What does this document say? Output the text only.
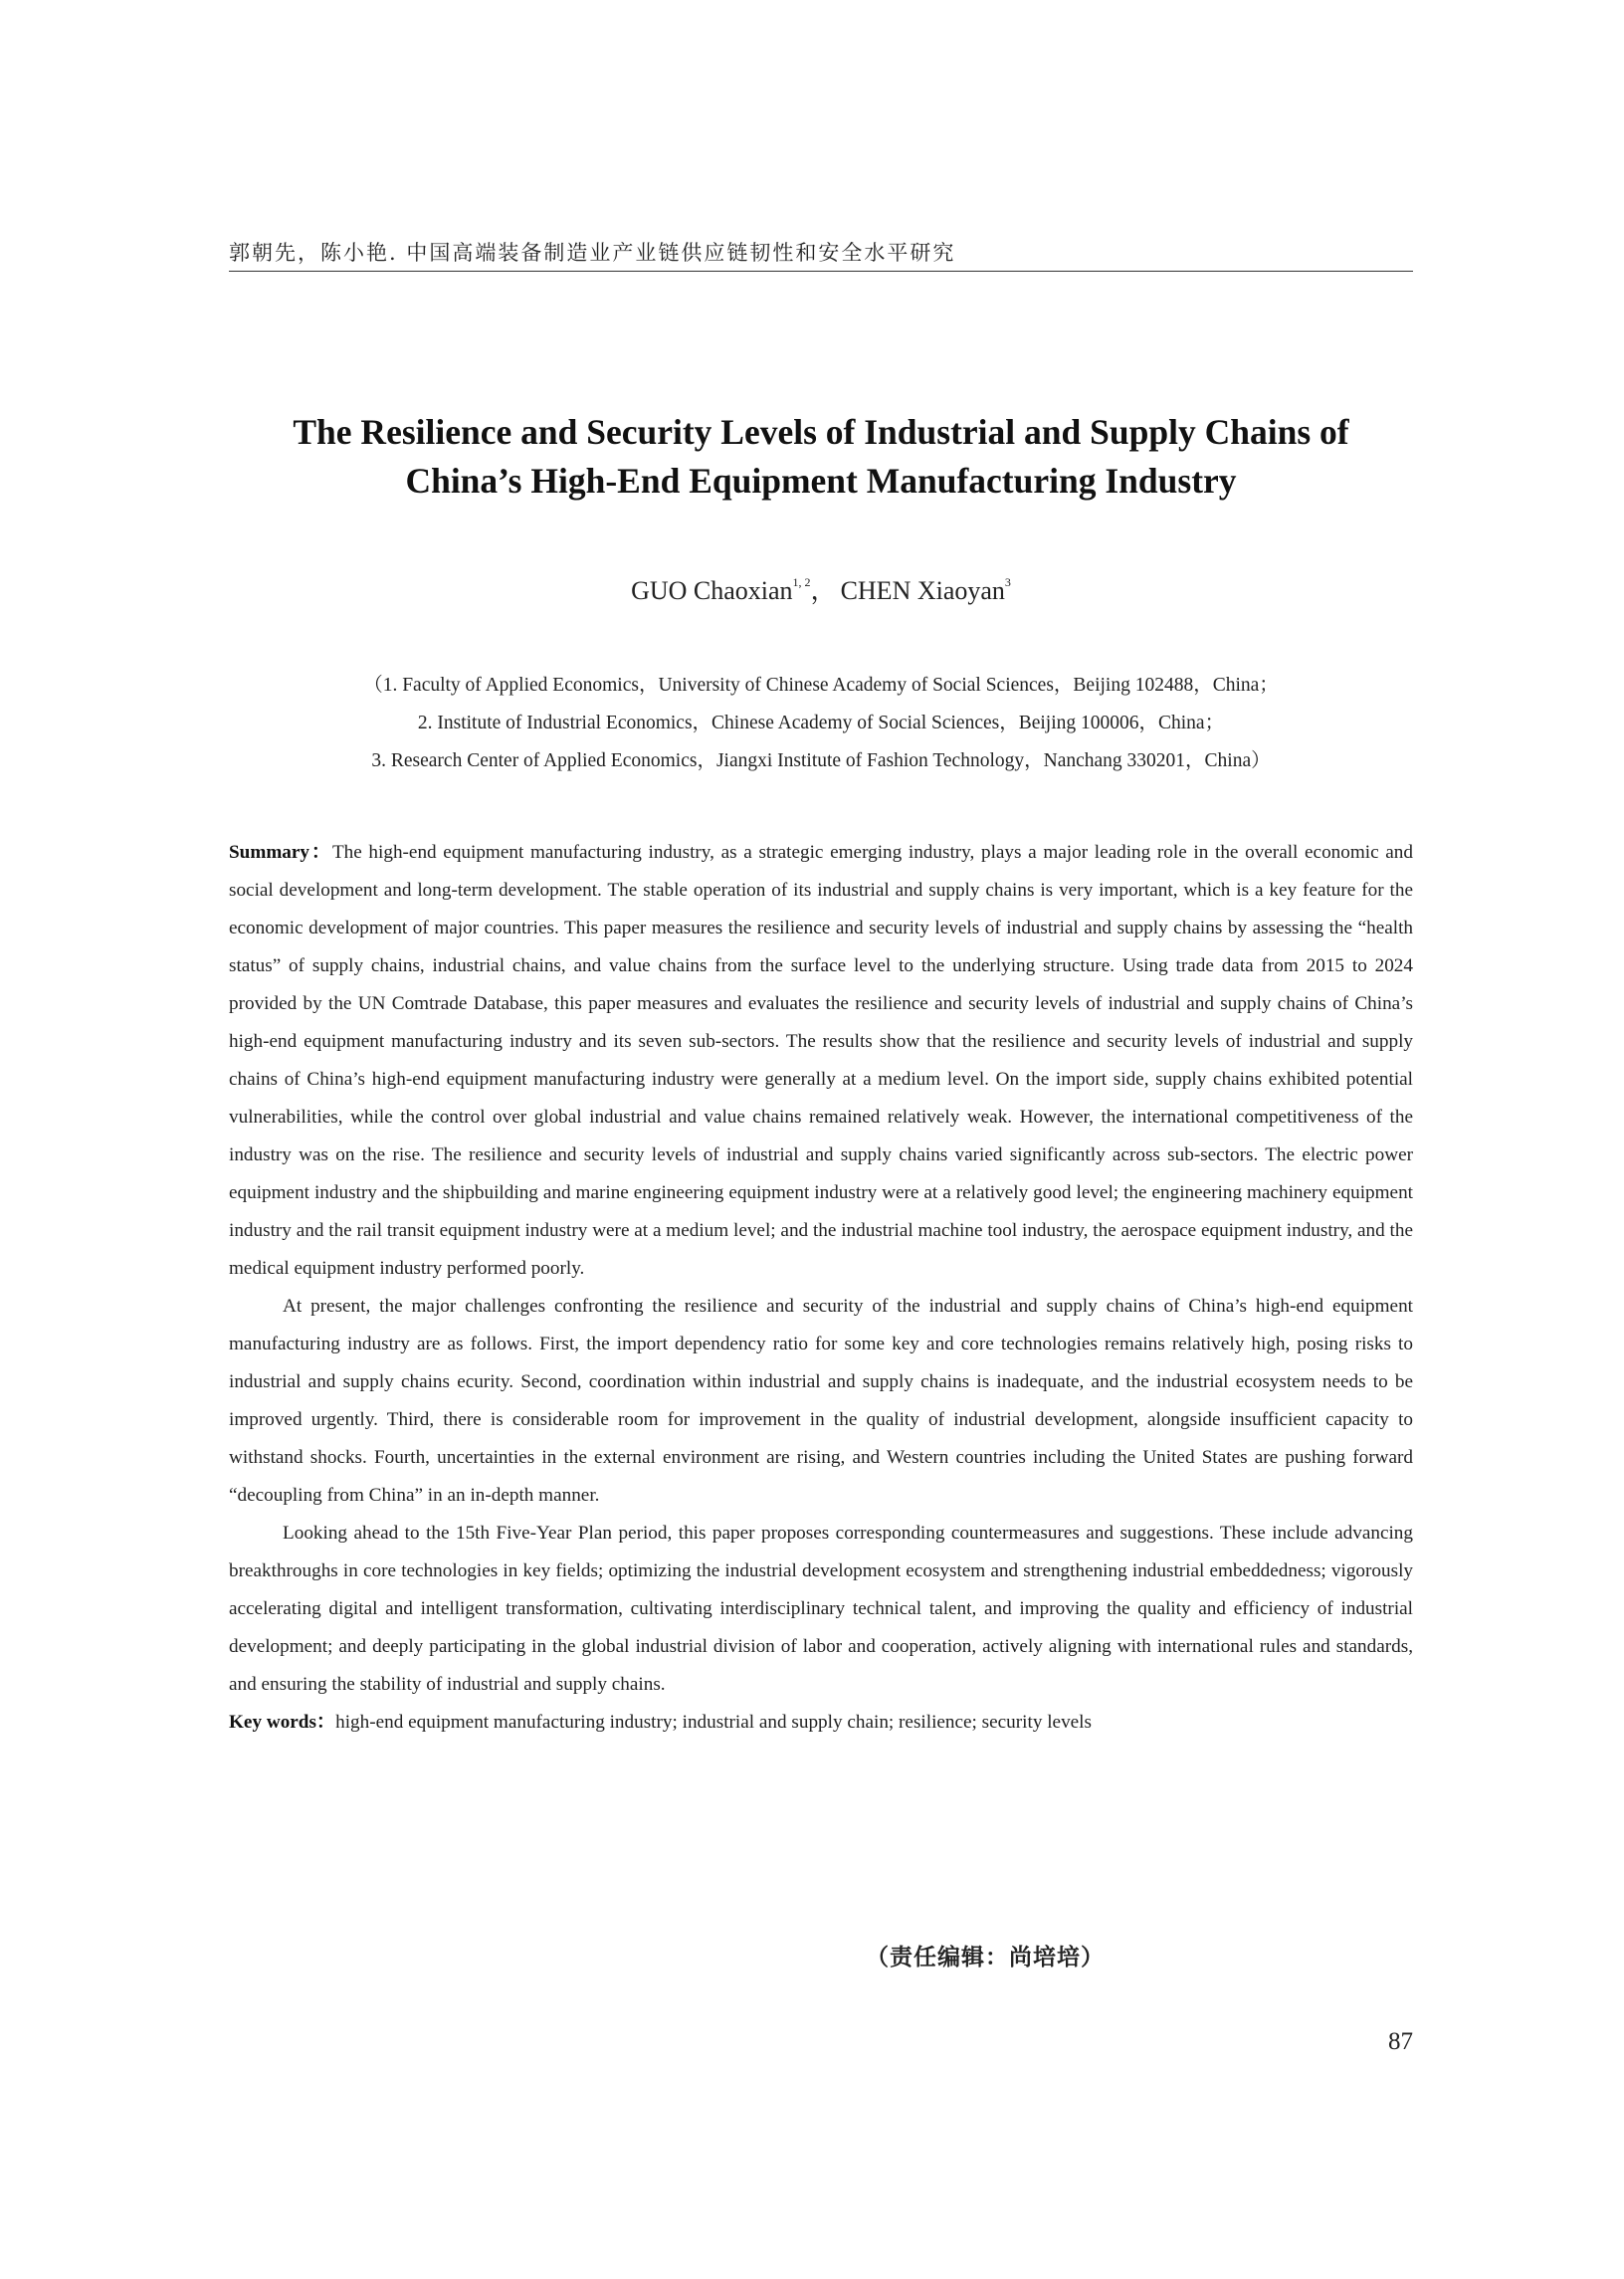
郭朝先，陈小艳. 中国高端装备制造业产业链供应链韧性和安全水平研究
The Resilience and Security Levels of Industrial and Supply Chains of
China’s High-End Equipment Manufacturing Industry
GUO Chaoxian$^{1, 2}$， CHEN Xiaoyan$^3$
（1. Faculty of Applied Economics，University of Chinese Academy of Social Sciences，Beijing 102488，China；
2. Institute of Industrial Economics，Chinese Academy of Social Sciences，Beijing 100006，China；
3. Research Center of Applied Economics，Jiangxi Institute of Fashion Technology，Nanchang 330201，China）

Summary：The high-end equipment manufacturing industry, as a strategic emerging industry, plays a major leading role in the overall economic and social development and long-term development. The stable operation of its industrial and supply chains is very important, which is a key feature for the economic development of major countries. This paper measures the resilience and security levels of industrial and supply chains by assessing the “health status” of supply chains, industrial chains, and value chains from the surface level to the underlying structure. Using trade data from 2015 to 2024 provided by the UN Comtrade Database, this paper measures and evaluates the resilience and security levels of industrial and supply chains of China’s high-end equipment manufacturing industry and its seven sub-sectors. The results show that the resilience and security levels of industrial and supply chains of China’s high-end equipment manufacturing industry were generally at a medium level. On the import side, supply chains exhibited potential vulnerabilities, while the control over global industrial and value chains remained relatively weak. However, the international competitiveness of the industry was on the rise. The resilience and security levels of industrial and supply chains varied significantly across sub-sectors. The electric power equipment industry and the shipbuilding and marine engineering equipment industry were at a relatively good level; the engineering machinery equipment industry and the rail transit equipment industry were at a medium level; and the industrial machine tool industry, the aerospace equipment industry, and the medical equipment industry performed poorly.

At present, the major challenges confronting the resilience and security of the industrial and supply chains of China’s high-end equipment manufacturing industry are as follows. First, the import dependency ratio for some key and core technologies remains relatively high, posing risks to industrial and supply chains ecurity. Second, coordination within industrial and supply chains is inadequate, and the industrial ecosystem needs to be improved urgently. Third, there is considerable room for improvement in the quality of industrial development, alongside insufficient capacity to withstand shocks. Fourth, uncertainties in the external environment are rising, and Western countries including the United States are pushing forward “decoupling from China” in an in-depth manner.

Looking ahead to the 15th Five-Year Plan period, this paper proposes corresponding countermeasures and suggestions. These include advancing breakthroughs in core technologies in key fields; optimizing the industrial development ecosystem and strengthening industrial embeddedness; vigorously accelerating digital and intelligent transformation, cultivating interdisciplinary technical talent, and improving the quality and efficiency of industrial development; and deeply participating in the global industrial division of labor and cooperation, actively aligning with international rules and standards, and ensuring the stability of industrial and supply chains.

Key words：high-end equipment manufacturing industry; industrial and supply chain; resilience; security levels

（责任编辑：尚培培）
87
